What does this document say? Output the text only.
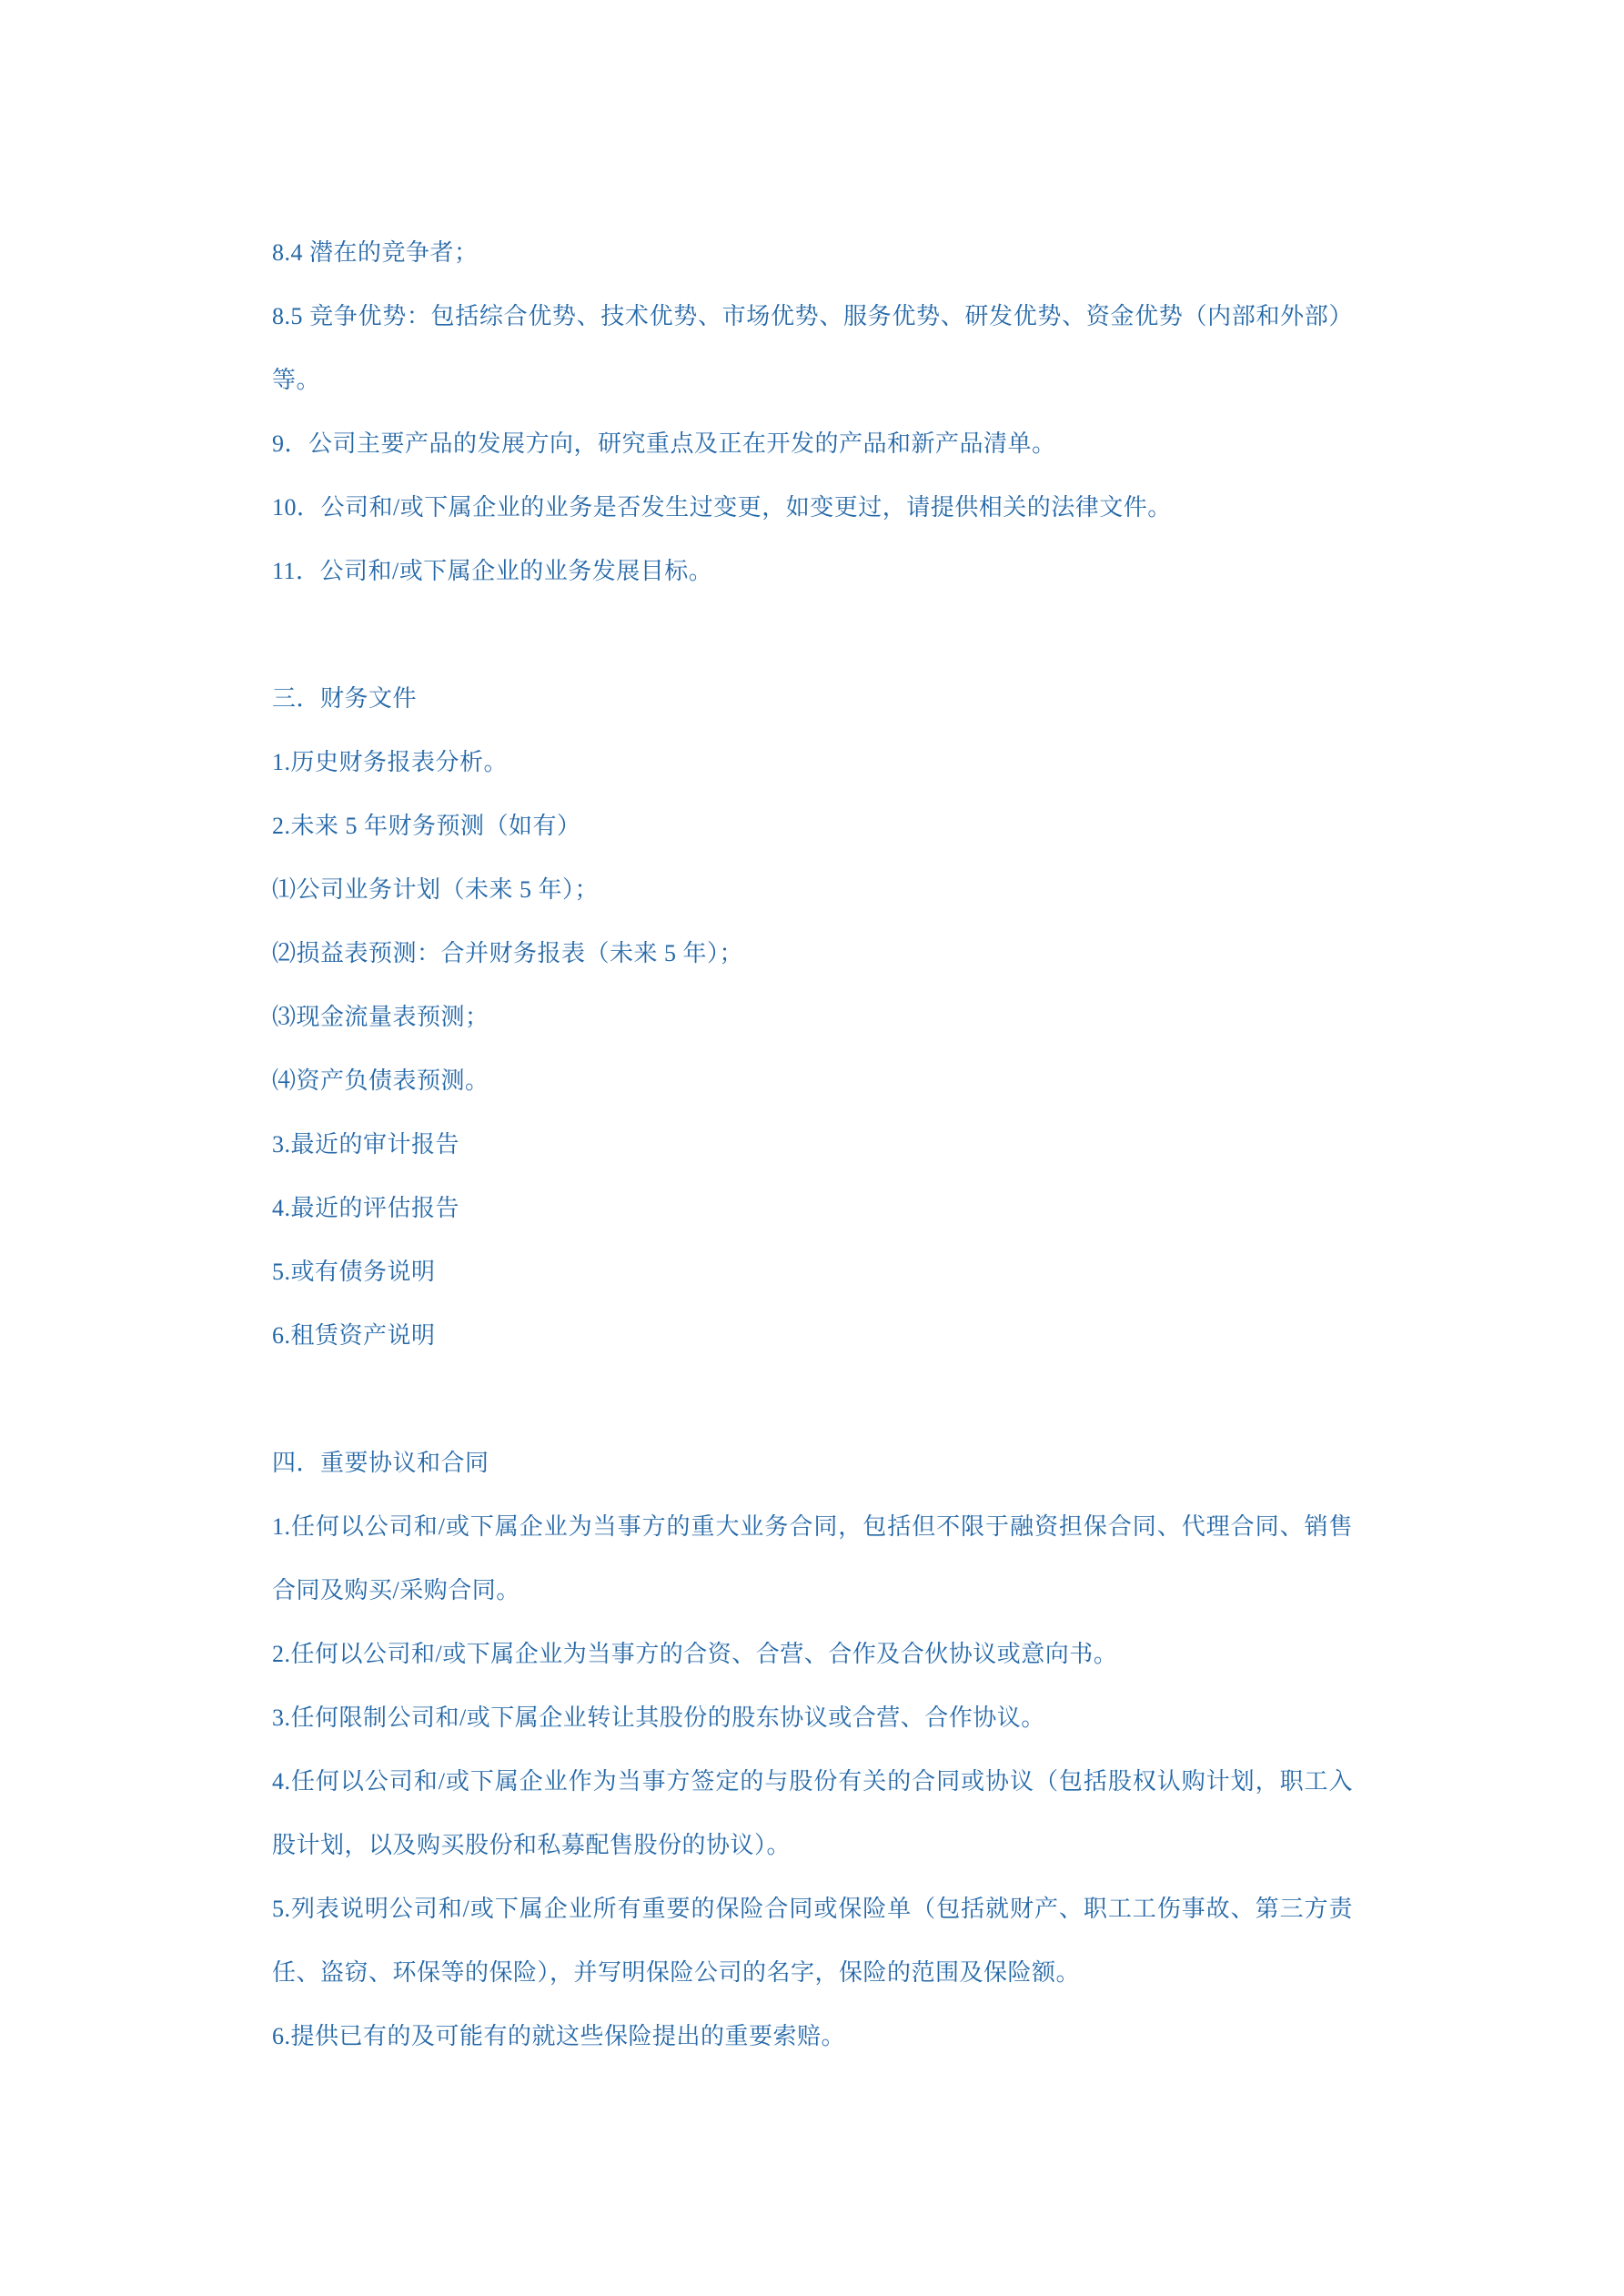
8.4 潜在的竞争者；

8.5 竞争优势：包括综合优势、技术优势、市场优势、服务优势、研发优势、资金优势（内部和外部）等。

9．公司主要产品的发展方向，研究重点及正在开发的产品和新产品清单。

10．公司和/或下属企业的业务是否发生过变更，如变更过，请提供相关的法律文件。

11．公司和/或下属企业的业务发展目标。

三．财务文件

1.历史财务报表分析。

2.未来 5 年财务预测（如有）

⑴公司业务计划（未来 5 年）；

⑵损益表预测：合并财务报表（未来 5 年）；

⑶现金流量表预测；

⑷资产负债表预测。

3.最近的审计报告

4.最近的评估报告

5.或有债务说明

6.租赁资产说明

四．重要协议和合同

1.任何以公司和/或下属企业为当事方的重大业务合同，包括但不限于融资担保合同、代理合同、销售合同及购买/采购合同。

2.任何以公司和/或下属企业为当事方的合资、合营、合作及合伙协议或意向书。

3.任何限制公司和/或下属企业转让其股份的股东协议或合营、合作协议。

4.任何以公司和/或下属企业作为当事方签定的与股份有关的合同或协议（包括股权认购计划，职工入股计划，以及购买股份和私募配售股份的协议）。

5.列表说明公司和/或下属企业所有重要的保险合同或保险单（包括就财产、职工工伤事故、第三方责任、盗窃、环保等的保险），并写明保险公司的名字，保险的范围及保险额。

6.提供已有的及可能有的就这些保险提出的重要索赔。
